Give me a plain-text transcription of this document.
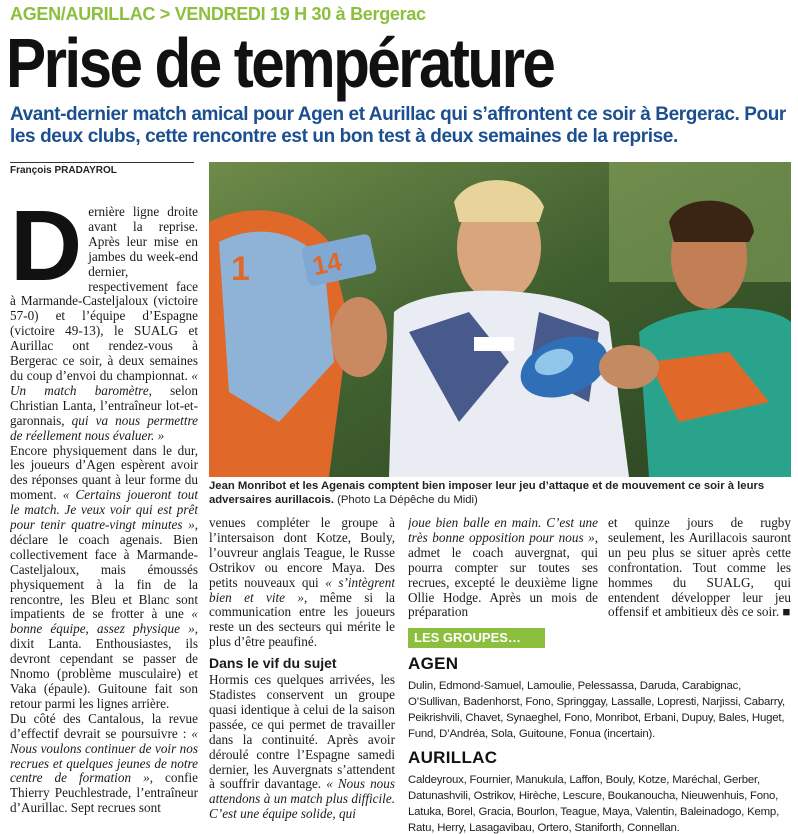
AGEN/AURILLAC > VENDREDI 19 H 30 à Bergerac
Prise de température
Avant-dernier match amical pour Agen et Aurillac qui s’affrontent ce soir à Bergerac. Pour les deux clubs, cette rencontre est un bon test à deux semaines de la reprise.
François PRADAYROL

Dernière ligne droite avant la reprise. Après leur mise en jambes du week-end dernier, respectivement face à Marmande-Casteljaloux (victoire 57-0) et l’équipe d’Espagne (victoire 49-13), le SUALG et Aurillac ont rendez-vous à Bergerac ce soir, à deux semaines du coup d’envoi du championnat. « Un match baromètre, selon Christian Lanta, l’entraîneur lot-et-garonnais, qui va nous permettre de réellement nous évaluer. »

Encore physiquement dans le dur, les joueurs d’Agen espèrent avoir des réponses quant à leur forme du moment. « Certains joueront tout le match. Je veux voir qui est prêt pour tenir quatre-vingt minutes », déclare le coach agenais. Bien collectivement face à Marmande-Casteljaloux, mais émoussés physiquement à la fin de la rencontre, les Bleu et Blanc sont impatients de se frotter à une « bonne équipe, assez physique », dixit Lanta. Enthousiastes, ils devront cependant se passer de Nnomo (problème musculaire) et Vaka (épaule). Guitoune fait son retour parmi les lignes arrière.

Du côté des Cantalous, la revue d’effectif devrait se poursuivre : « Nous voulons continuer de voir nos recrues et quelques jeunes de notre centre de formation », confie Thierry Peuchlestrade, l’entraîneur d’Aurillac. Sept recrues sont

1 14
Jean Monribot et les Agenais comptent bien imposer leur jeu d’attaque et de mouvement ce soir à leurs adversaires aurillacois. (Photo La Dépêche du Midi)

venues compléter le groupe à l’intersaison dont Kotze, Bouly, l’ouvreur anglais Teague, le Russe Ostrikov ou encore Maya. Des petits nouveaux qui « s’intègrent bien et vite », même si la communication entre les joueurs reste un des secteurs qui mérite le plus d’être peaufiné.

Dans le vif du sujet

Hormis ces quelques arrivées, les Stadistes conservent un groupe quasi identique à celui de la saison passée, ce qui permet de travailler dans la continuité. Après avoir déroulé contre l’Espagne samedi dernier, les Auvergnats s’attendent à souffrir davantage. « Nous nous attendons à un match plus difficile. C’est une équipe solide, qui

joue bien balle en main. C’est une très bonne opposition pour nous », admet le coach auvergnat, qui pourra compter sur toutes ses recrues, excepté le deuxième ligne Ollie Hodge. Après un mois de préparation

et quinze jours de rugby seulement, les Aurillacois sauront un peu plus se situer après cette confrontation. Tout comme les hommes du SUALG, qui entendent développer leur jeu offensif et ambitieux dès ce soir. ■

LES GROUPES…
AGEN
Dulin, Edmond-Samuel, Lamoulie, Pelessassa, Daruda, Carabignac, O’Sullivan, Badenhorst, Fono, Springgay, Lassalle, Lopresti, Narjissi, Cabarry, Peikrishvili, Chavet, Synaeghel, Fono, Monribot, Erbani, Dupuy, Bales, Huget, Fund, D’Andréa, Sola, Guitoune, Fonua (incertain).
AURILLAC
Caldeyroux, Fournier, Manukula, Laffon, Bouly, Kotze, Maréchal, Gerber, Datunashvili, Ostrikov, Hirèche, Lescure, Boukanoucha, Nieuwenhuis, Fono, Latuka, Borel, Gracia, Bourlon, Teague, Maya, Valentin, Baleinadogo, Kemp, Ratu, Herry, Lasagavibau, Ortero, Staniforth, Connellan.
